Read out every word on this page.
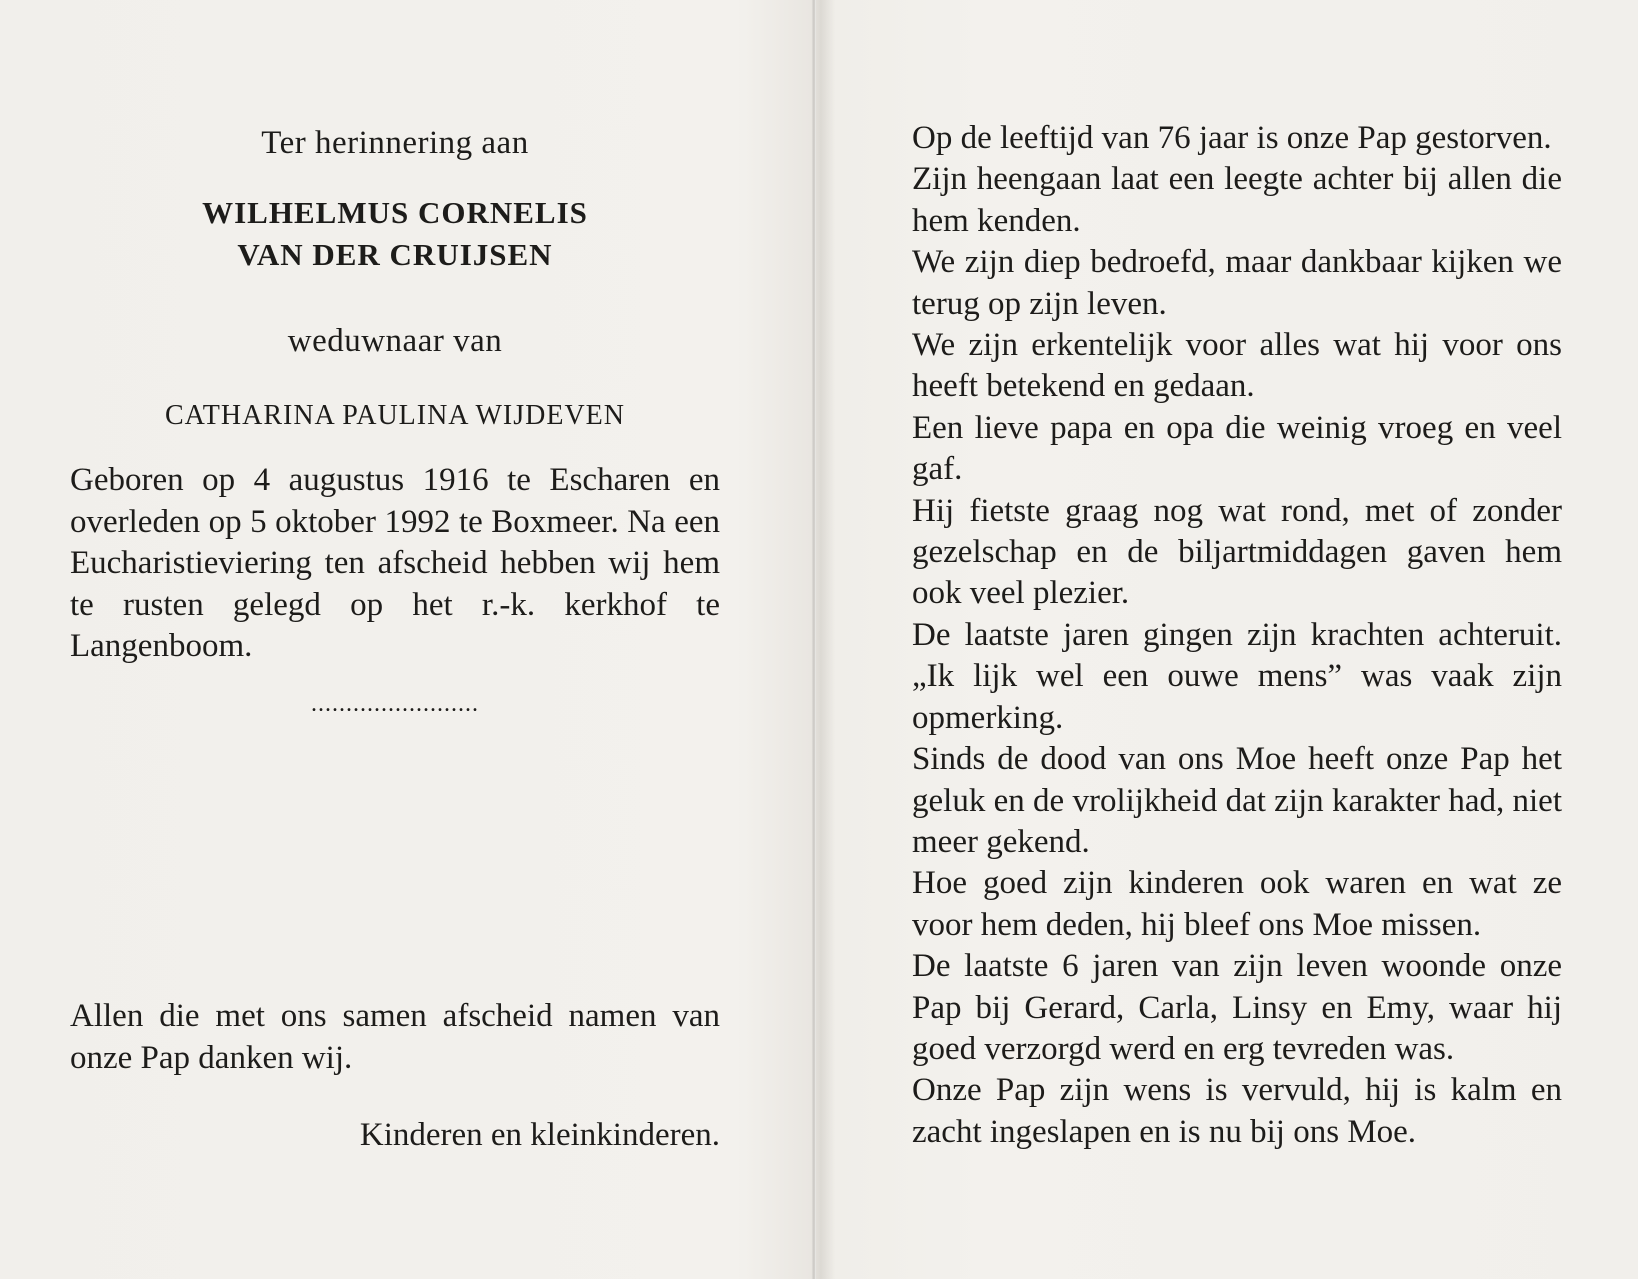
Ter herinnering aan

WILHELMUS CORNELIS
VAN DER CRUIJSEN

weduwnaar van

CATHARINA PAULINA WIJDEVEN

Geboren op 4 augustus 1916 te Escharen en overleden op 5 oktober 1992 te Boxmeer. Na een Eucharistieviering ten afscheid hebben wij hem te rusten gelegd op het r.-k. kerkhof te Langenboom.

........................

Allen die met ons samen afscheid namen van onze Pap danken wij.

Kinderen en kleinkinderen.

Op de leeftijd van 76 jaar is onze Pap gestorven.

Zijn heengaan laat een leegte achter bij allen die hem kenden.

We zijn diep bedroefd, maar dankbaar kijken we terug op zijn leven.

We zijn erkentelijk voor alles wat hij voor ons heeft betekend en gedaan.

Een lieve papa en opa die weinig vroeg en veel gaf.

Hij fietste graag nog wat rond, met of zonder gezelschap en de biljartmiddagen gaven hem ook veel plezier.

De laatste jaren gingen zijn krachten achteruit. „Ik lijk wel een ouwe mens” was vaak zijn opmerking.

Sinds de dood van ons Moe heeft onze Pap het geluk en de vrolijkheid dat zijn karakter had, niet meer gekend.

Hoe goed zijn kinderen ook waren en wat ze voor hem deden, hij bleef ons Moe missen.

De laatste 6 jaren van zijn leven woonde onze Pap bij Gerard, Carla, Linsy en Emy, waar hij goed verzorgd werd en erg tevreden was.

Onze Pap zijn wens is vervuld, hij is kalm en zacht ingeslapen en is nu bij ons Moe.
